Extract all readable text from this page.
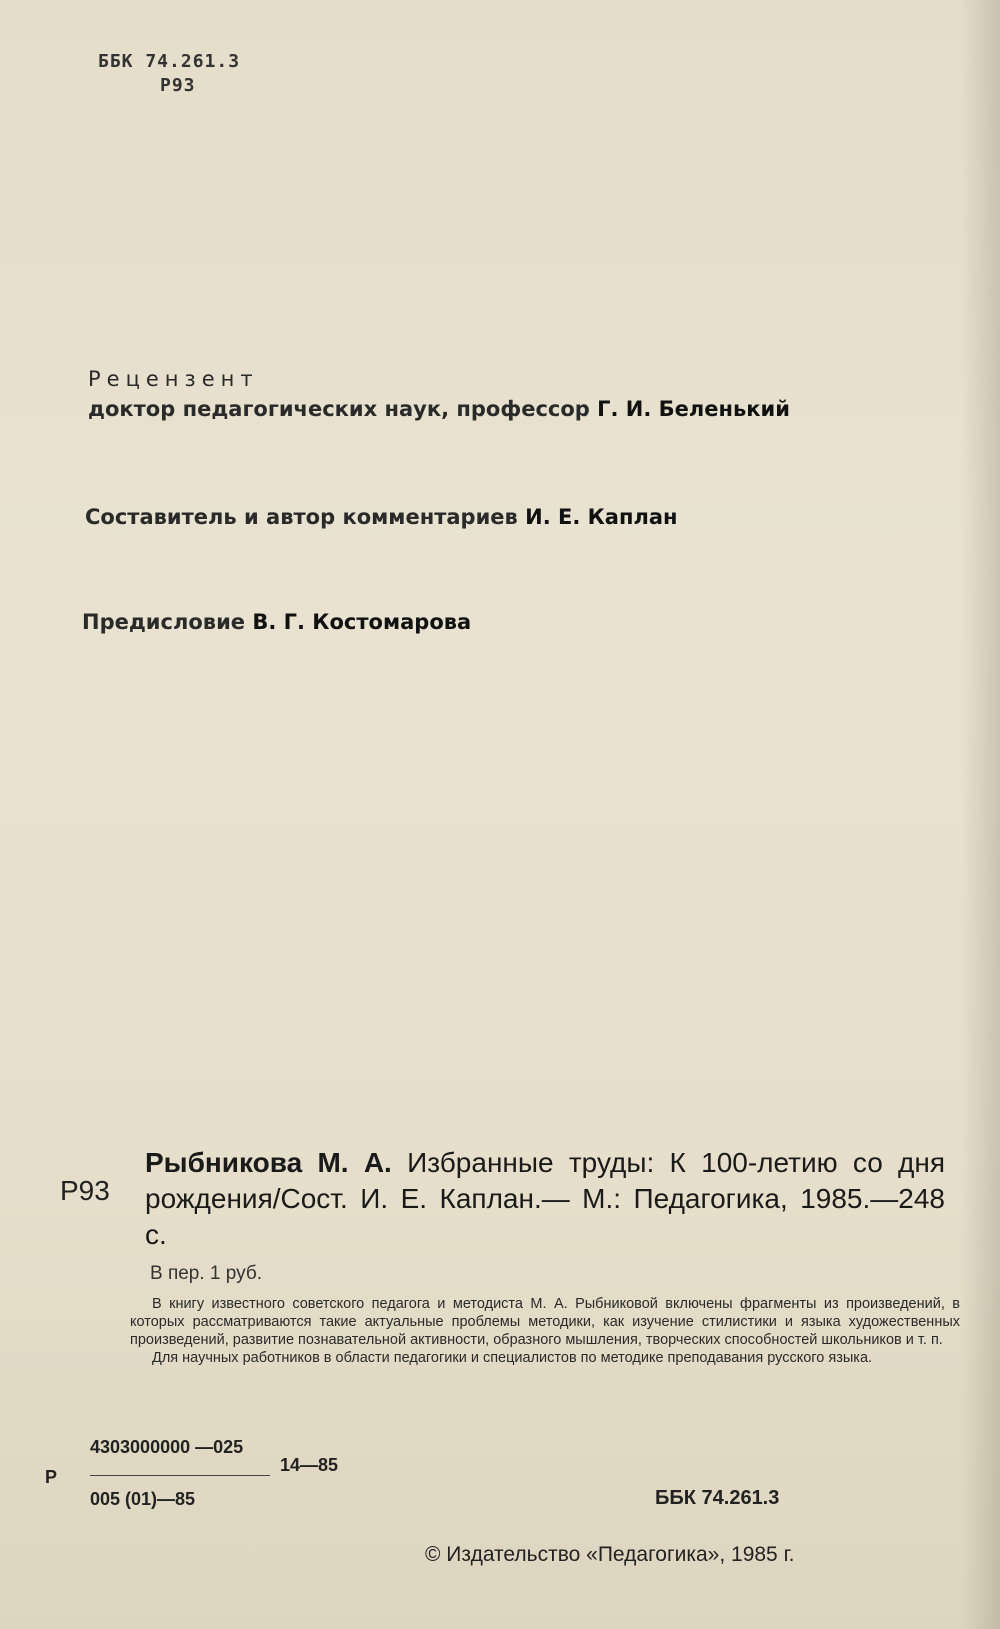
ББК 74.261.3
Р93
Рецензент
доктор педагогических наук, профессор Г. И. Беленький
Составитель и автор комментариев И. Е. Каплан
Предисловие В. Г. Костомарова
Р93
Рыбникова М. А. Избранные труды: К 100-летию со дня рождения/Сост. И. Е. Каплан.— М.: Педагогика, 1985.—248 с.
В пер. 1 руб.

В книгу известного советского педагога и методиста М. А. Рыбниковой включены фрагменты из произведений, в которых рассматриваются такие актуальные проблемы методики, как изучение стилистики и языка художественных произведений, развитие познавательной активности, образного мышления, творческих способностей школьников и т. п.

Для научных работников в области педагогики и специалистов по методике преподавания русского языка.

Р
4303000000 —025
14—85
005 (01)—85	ББК 74.261.3
© Издательство «Педагогика», 1985 г.
